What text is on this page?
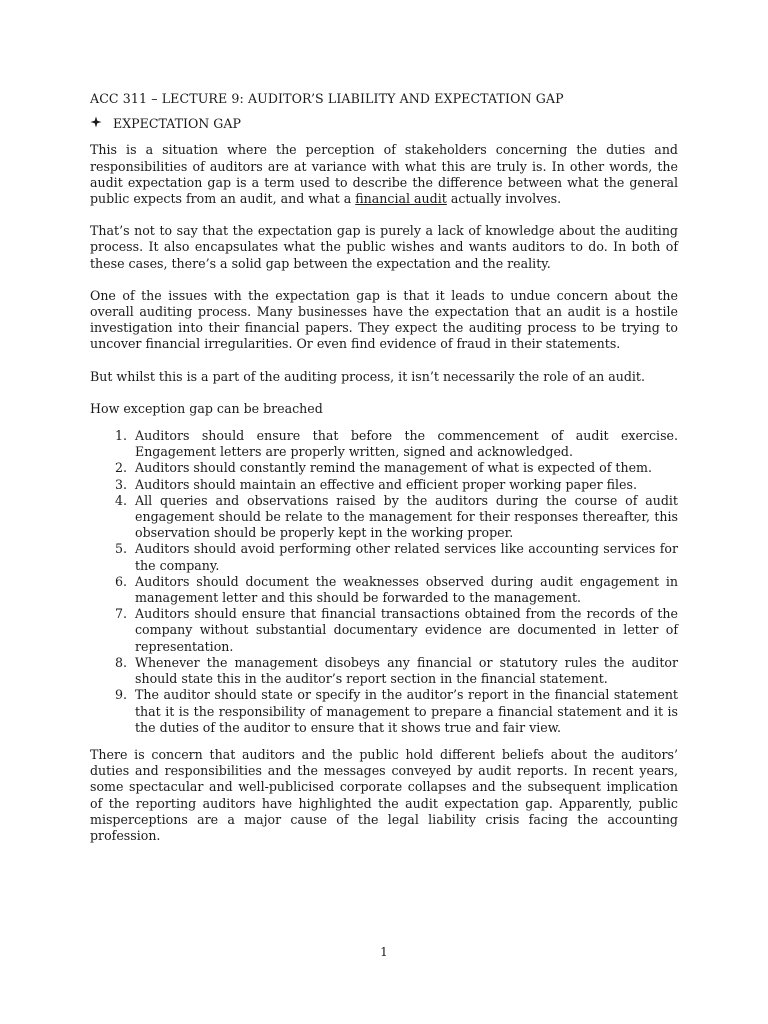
ACC 311 – LECTURE 9: AUDITOR’S LIABILITY AND EXPECTATION GAP
EXPECTATION GAP

This is a situation where the perception of stakeholders concerning the duties and responsibilities of auditors are at variance with what this are truly is. In other words, the audit expectation gap is a term used to describe the difference between what the general public expects from an audit, and what a financial audit actually involves.

That’s not to say that the expectation gap is purely a lack of knowledge about the auditing process. It also encapsulates what the public wishes and wants auditors to do. In both of these cases, there’s a solid gap between the expectation and the reality.

One of the issues with the expectation gap is that it leads to undue concern about the overall auditing process. Many businesses have the expectation that an audit is a hostile investigation into their financial papers. They expect the auditing process to be trying to uncover financial irregularities. Or even find evidence of fraud in their statements.

But whilst this is a part of the auditing process, it isn’t necessarily the role of an audit.

How exception gap can be breached
1. Auditors should ensure that before the commencement of audit exercise. Engagement letters are properly written, signed and acknowledged.
2. Auditors should constantly remind the management of what is expected of them.
3. Auditors should maintain an effective and efficient proper working paper files.
4. All queries and observations raised by the auditors during the course of audit engagement should be relate to the management for their responses thereafter, this observation should be properly kept in the working proper.
5. Auditors should avoid performing other related services like accounting services for the company.
6. Auditors should document the weaknesses observed during audit engagement in management letter and this should be forwarded to the management.
7. Auditors should ensure that financial transactions obtained from the records of the company without substantial documentary evidence are documented in letter of representation.
8. Whenever the management disobeys any financial or statutory rules the auditor should state this in the auditor’s report section in the financial statement.
9. The auditor should state or specify in the auditor’s report in the financial statement that it is the responsibility of management to prepare a financial statement and it is the duties of the auditor to ensure that it shows true and fair view.

There is concern that auditors and the public hold different beliefs about the auditors’ duties and responsibilities and the messages conveyed by audit reports. In recent years, some spectacular and well-publicised corporate collapses and the subsequent implication of the reporting auditors have highlighted the audit expectation gap. Apparently, public misperceptions are a major cause of the legal liability crisis facing the accounting profession.

1
